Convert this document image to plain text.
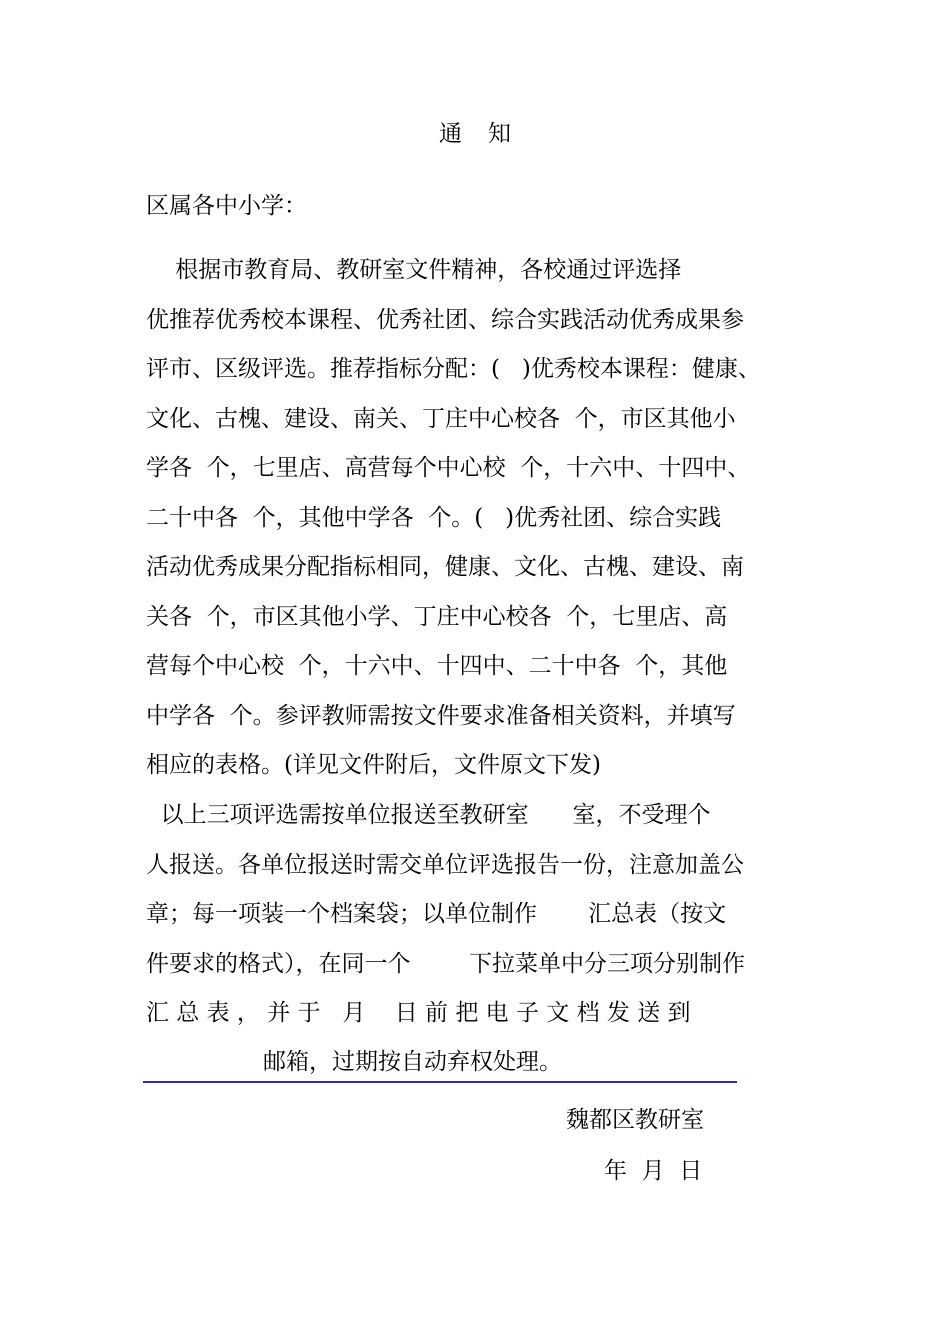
通知
区属各中小学：
根据市教育局、教研室文件精神，各校通过评选择
优推荐优秀校本课程、优秀社团、综合实践活动优秀成果参
评市、区级评选。推荐指标分配：(   )优秀校本课程：健康、
文化、古槐、建设、南关、丁庄中心校各  个，市区其他小
学各  个，七里店、高营每个中心校  个，十六中、十四中、
二十中各  个，其他中学各  个。(   )优秀社团、综合实践
活动优秀成果分配指标相同，健康、文化、古槐、建设、南
关各  个，市区其他小学、丁庄中心校各  个，七里店、高
营每个中心校  个，十六中、十四中、二十中各  个，其他
中学各  个。参评教师需按文件要求准备相关资料，并填写
相应的表格。(详见文件附后，文件原文下发)
以上三项评选需按单位报送至教研室      室，不受理个
人报送。各单位报送时需交单位评选报告一份，注意加盖公
章；每一项装一个档案袋；以单位制作       汇总表（按文
件要求的格式），在同一个        下拉菜单中分三项分别制作
汇 总 表 ， 并 于   月    日 前 把 电 子 文 档 发 送 到
邮箱，过期按自动弃权处理。
魏都区教研室
年  月  日
